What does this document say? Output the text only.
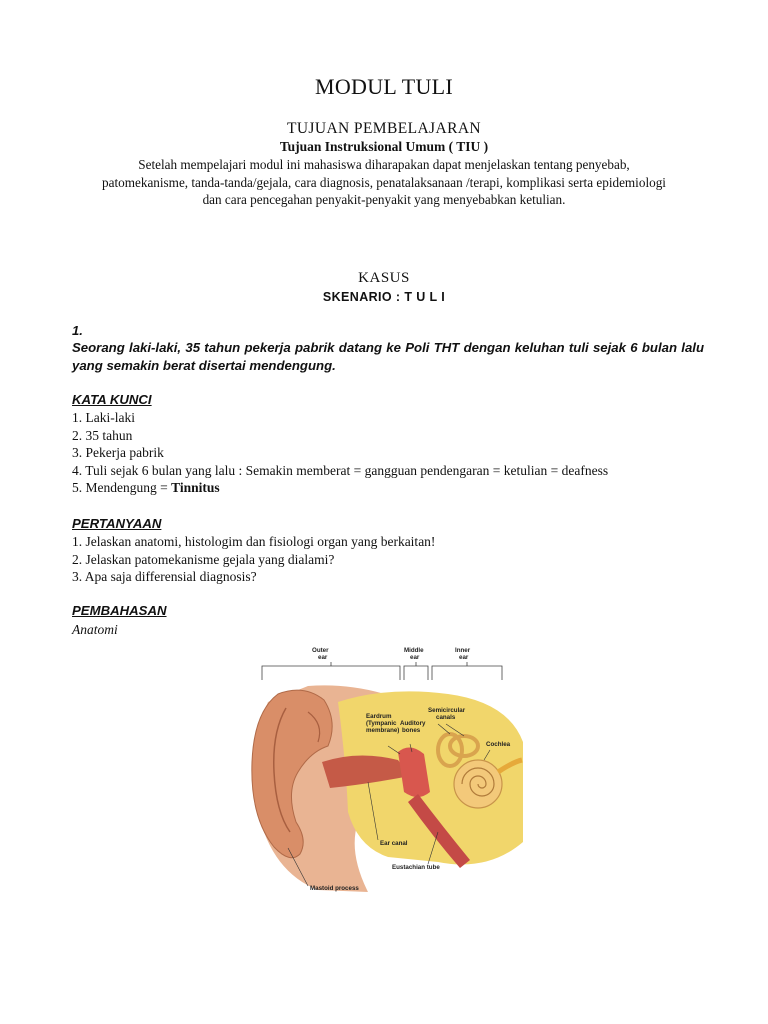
MODUL TULI
TUJUAN PEMBELAJARAN
Tujuan Instruksional Umum ( TIU )
Setelah mempelajari modul ini mahasiswa diharapakan dapat menjelaskan tentang penyebab, patomekanisme, tanda-tanda/gejala, cara diagnosis, penatalaksanaan /terapi, komplikasi serta epidemiologi dan cara pencegahan penyakit-penyakit yang menyebabkan ketulian.
KASUS
SKENARIO : T U L I
1.
Seorang laki-laki, 35 tahun pekerja pabrik datang ke Poli THT dengan keluhan tuli sejak 6 bulan lalu yang semakin berat disertai mendengung.
KATA KUNCI
1. Laki-laki
2. 35 tahun
3. Pekerja pabrik
4. Tuli sejak 6 bulan yang lalu : Semakin memberat = gangguan pendengaran = ketulian = deafness
5. Mendengung = Tinnitus
PERTANYAAN
1. Jelaskan anatomi, histologim dan fisiologi organ yang berkaitan!
2. Jelaskan patomekanisme gejala yang dialami?
3. Apa saja differensial diagnosis?
PEMBAHASAN
Anatomi
Outer
ear
Middle
ear
Inner
ear
Eardrum
(Tympanic
membrane)
Auditory
bones
Semicircular
canals
Cochlea
Ear canal
Eustachian tube
Mastoid process
